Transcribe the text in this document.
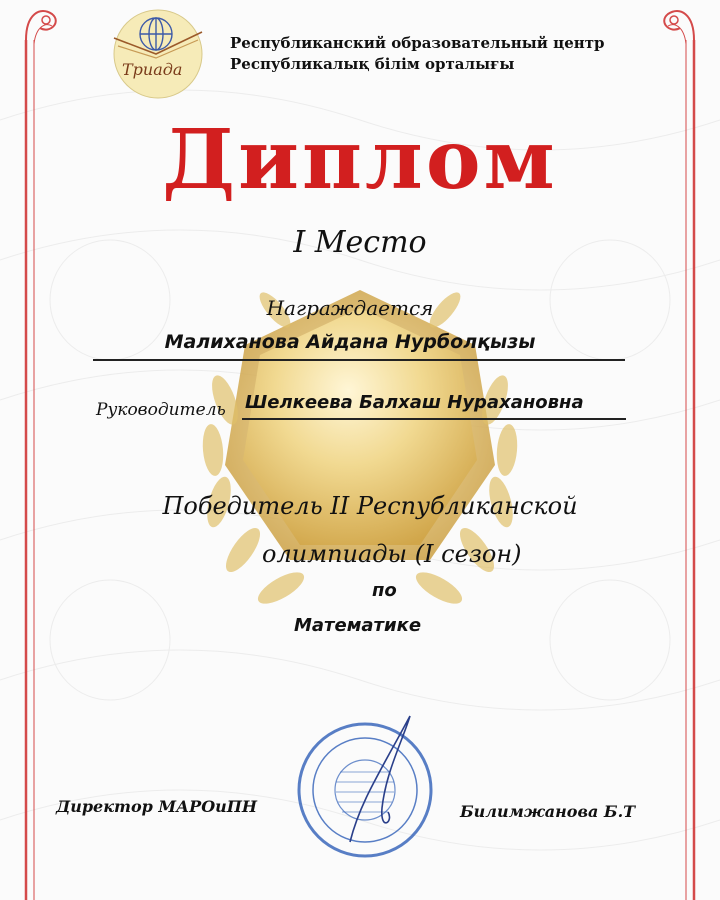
Триада
Республиканский образовательный центр
Республикалық білім орталығы
Диплом
I Место
Награждается
Малиханова Айдана Нурболқызы
Руководитель Шелкеева Балхаш Нурахановна
Победитель II Республиканской
олимпиады (I сезон)
по
Математике
Директор МАРОиПН	Билимжанова Б.Т
